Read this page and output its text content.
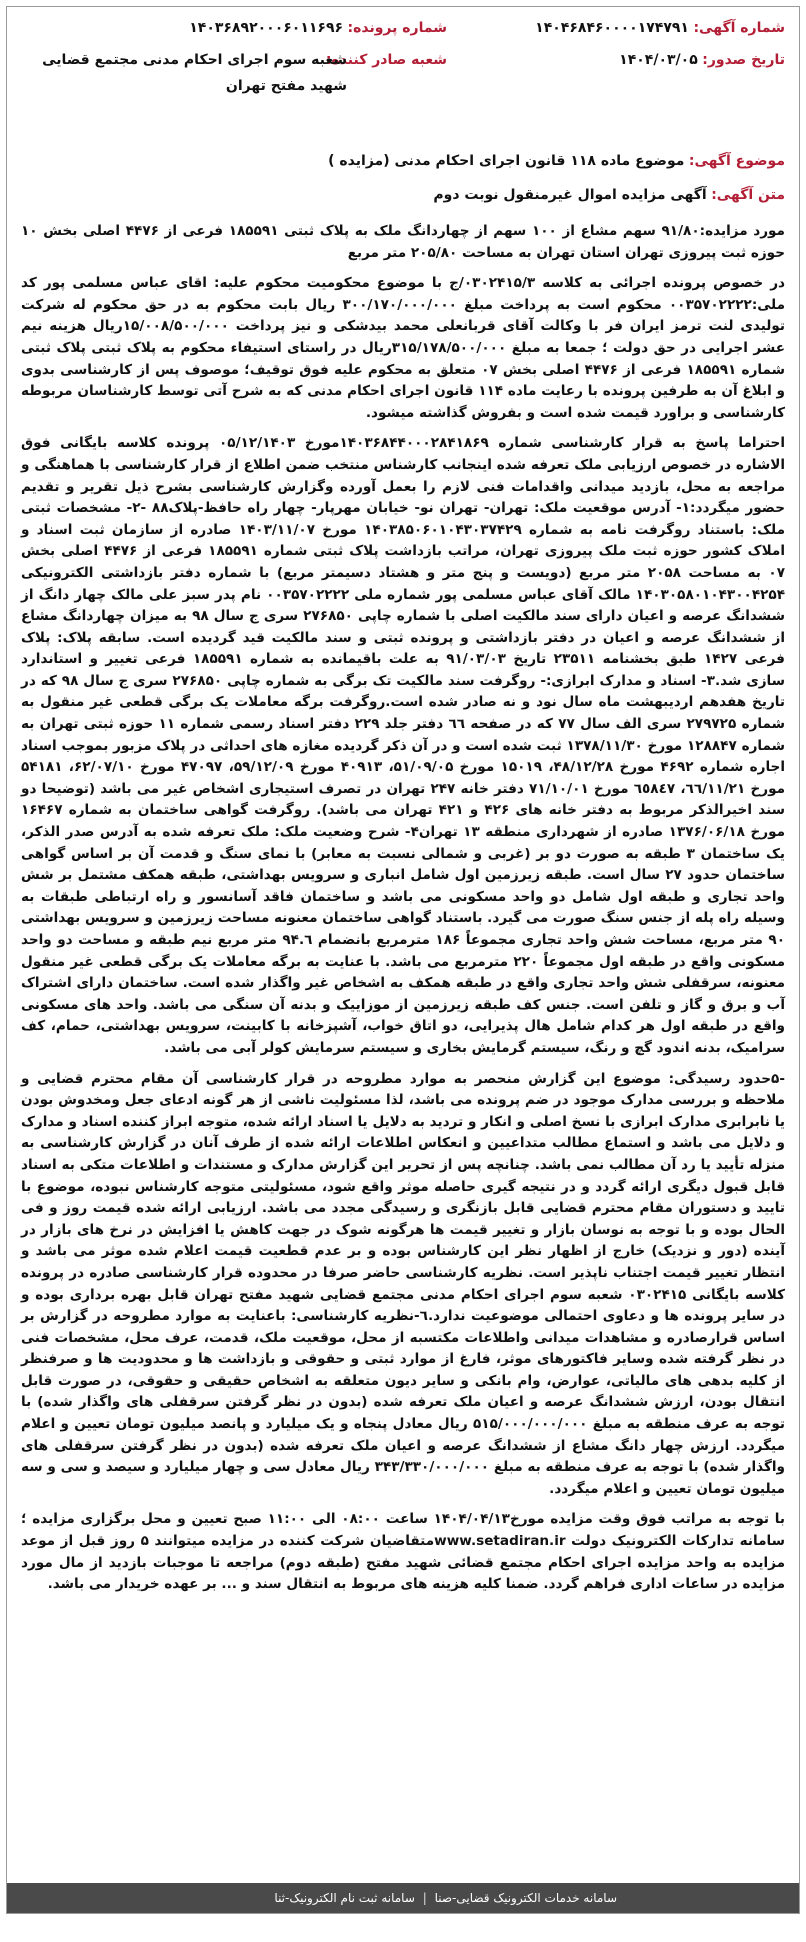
شماره آگهی: ۱۴۰۴۶۸۴۶۰۰۰۰۱۷۴۷۹۱
شماره پرونده: ۱۴۰۳۶۸۹۲۰۰۰۶۰۱۱۶۹۶
تاریخ صدور: ۱۴۰۴/۰۳/۰۵
شعبه صادر کننده:
شعبه سوم اجرای احکام مدنی مجتمع قضایی شهید مفتح تهران
موضوع آگهی: موضوع ماده ۱۱۸ قانون اجرای احکام مدنی (مزایده )
متن آگهی: آگهی مزایده اموال غیرمنقول نوبت دوم

مورد مزایده:۹۱/۸۰ سهم مشاع از ۱۰۰ سهم از چهاردانگ ملک به پلاک ثبتی ۱۸۵۵۹۱ فرعی از ۴۴۷۶ اصلی بخش ۱۰ حوزه ثبت پیروزی تهران استان تهران به مساحت ۲۰۵/۸۰ متر مربع

در خصوص پرونده اجرائی به کلاسه ۰۳۰۲۴۱۵/۳/ج با موضوع محکومیت محکوم علیه: اقای عباس مسلمی پور کد ملی:۰۰۳۵۷۰۲۲۲۲ محکوم است به پرداخت مبلغ ۳۰۰/۱۷۰/۰۰۰/۰۰۰ ریال بابت محکوم به در حق محکوم له شرکت تولیدی لنت ترمز ایران فر با وکالت آقای قربانعلی محمد بیدشکی و نیز پرداخت ۱۵/۰۰۸/۵۰۰/۰۰۰ریال هزینه نیم عشر اجرایی در حق دولت ؛ جمعا به مبلغ ۳۱۵/۱۷۸/۵۰۰/۰۰۰ریال در راستای استیفاء محکوم به پلاک ثبتی پلاک ثبتی شماره ۱۸۵۵۹۱ فرعی از ۴۴۷۶ اصلی بخش ۰۷ متعلق به محکوم علیه فوق توقیف؛ موصوف پس از کارشناسی بدوی و ابلاغ آن به طرفین پرونده با رعایت ماده ۱۱۴ قانون اجرای احکام مدنی که به شرح آتی توسط کارشناسان مربوطه کارشناسی و براورد قیمت شده است و بفروش گذاشته میشود.

احتراما پاسخ به قرار کارشناسی شماره ۱۴۰۳۶۸۴۴۰۰۰۲۸۴۱۸۶۹مورخ ۰۵/۱۲/۱۴۰۳ پرونده کلاسه بایگانی فوق الاشاره در خصوص ارزیابی ملک تعرفه شده اینجانب کارشناس منتخب ضمن اطلاع از قرار کارشناسی با هماهنگی و مراجعه به محل، بازدید میدانی واقدامات فنی لازم را بعمل آورده وگزارش کارشناسی بشرح ذیل تقریر و تقدیم حضور میگردد:۱- آدرس موقعیت ملک: تهران- تهران نو- خیابان مهرپار- چهار راه حافظ-پلاک۸۸ -۲- مشخصات ثبتی ملک: باستناد روگرفت نامه به شماره ۱۴۰۳۸۵۰۶۰۱۰۴۳۰۳۷۴۲۹ مورخ ۱۴۰۳/۱۱/۰۷ صادره از سازمان ثبت اسناد و املاک کشور حوزه ثبت ملک پیروزی تهران، مراتب بازداشت پلاک ثبتی شماره ۱۸۵۵۹۱ فرعی از ۴۴۷۶ اصلی بخش ۰۷ به مساحت ۲۰۵۸ متر مربع (دویست و پنج متر و هشتاد دسیمتر مربع) با شماره دفتر بازداشتی الکترونیکی ۱۴۰۳۰۵۸۰۱۰۴۳۰۰۴۲۵۴ مالک آقای عباس مسلمی پور شماره ملی ۰۰۳۵۷۰۲۲۲۲ نام پدر سبز علی مالک چهار دانگ از ششدانگ عرصه و اعیان دارای سند مالکیت اصلی با شماره چاپی ۲۷۶۸۵۰ سری ج سال ۹۸ به میزان چهاردانگ مشاع از ششدانگ عرصه و اعیان در دفتر بازداشتی و پرونده ثبتی و سند مالکیت قید گردیده است. سابقه پلاک: پلاک فرعی ۱۴۲۷ طبق بخشنامه ۲۳۵۱۱ تاریخ ۹۱/۰۳/۰۳ به علت باقیمانده به شماره ۱۸۵۵۹۱ فرعی تغییر و استاندارد سازی شد.۳- اسناد و مدارک ابرازی:- روگرفت سند مالکیت تک برگی به شماره چاپی ۲۷۶۸۵۰ سری ج سال ۹۸ که در تاریخ هفدهم اردیبهشت ماه سال نود و نه صادر شده است.روگرفت برگه معاملات یک برگی قطعی غیر منقول به شماره ۲۷۹۷۲۵ سری الف سال ۷۷ که در صفحه ٦٦ دفتر جلد ۲۲۹ دفتر اسناد رسمی شماره ۱۱ حوزه ثبتی تهران به شماره ۱۲۸۸۴۷ مورخ ۱۳۷۸/۱۱/۳۰ ثبت شده است و در آن ذکر گردیده مغازه های احداثی در پلاک مزبور بموجب اسناد اجاره شماره ۴۶۹۲ مورخ ۴۸/۱۲/۲۸، ۱۵۰۱۹ مورخ ۵۱/۰۹/۰۵، ۴۰۹۱۳ مورخ ۵۹/۱۲/۰۹، ۴۷۰۹۷ مورخ ۶۲/۰۷/۱۰، ۵۴۱۸۱ مورخ ٦٦/١١/٢١، ٦٥٨٤٧ مورخ ٧١/١٠/٠١ دفتر خانه ۲۴۷ تهران در تصرف استیجاری اشخاص غیر می باشد (توضیحا دو سند اخیرالذکر مربوط به دفتر خانه های ۴۲۶ و ۴۲۱ تهران می باشد). روگرفت گواهی ساختمان به شماره ۱۶۴۶۷ مورخ ۱۳۷۶/۰۶/۱۸ صادره از شهرداری منطقه ۱۳ تهران۴- شرح وضعیت ملک: ملک تعرفه شده به آدرس صدر الذکر، یک ساختمان ۳ طبقه به صورت دو بر (غربی و شمالی نسبت به معابر) با نمای سنگ و قدمت آن بر اساس گواهی ساختمان حدود ۲۷ سال است. طبقه زیرزمین اول شامل انباری و سرویس بهداشتی، طبقه همکف مشتمل بر شش واحد تجاری و طبقه اول شامل دو واحد مسکونی می باشد و ساختمان فاقد آسانسور و راه ارتباطی طبقات به وسیله راه پله از جنس سنگ صورت می گیرد. باستناد گواهی ساختمان معنونه مساحت زیرزمین و سرویس بهداشتی ۹۰ متر مربع، مساحت شش واحد تجاری مجموعاً ۱۸۶ مترمربع بانضمام ۹۴.٦ متر مربع نیم طبقه و مساحت دو واحد مسکونی واقع در طبقه اول مجموعاً ۲۲۰ مترمربع می باشد. با عنایت به برگه معاملات یک برگی قطعی غیر منقول معنونه، سرقفلی شش واحد تجاری واقع در طبقه همکف به اشخاص غیر واگذار شده است. ساختمان دارای اشتراک آب و برق و گاز و تلفن است. جنس کف طبقه زیرزمین از موزاییک و بدنه آن سنگی می باشد. واحد های مسکونی واقع در طبقه اول هر کدام شامل هال پذیرایی، دو اتاق خواب، آشپزخانه با کابینت، سرویس بهداشتی، حمام، کف سرامیک، بدنه اندود گچ و رنگ، سیستم گرمایش بخاری و سیستم سرمایش کولر آبی می باشد.

-۵حدود رسیدگی: موضوع این گزارش منحصر به موارد مطروحه در قرار کارشناسی آن مقام محترم قضایی و ملاحظه و بررسی مدارک موجود در ضم پرونده می باشد، لذا مسئولیت ناشی از هر گونه ادعای جعل ومخدوش بودن یا نابرابری مدارک ابرازی با نسخ اصلی و انکار و تردید به دلایل یا اسناد ارائه شده، متوجه ابراز کننده اسناد و مدارک و دلایل می باشد و استماع مطالب متداعیین و انعکاس اطلاعات ارائه شده از طرف آنان در گزارش کارشناسی به منزله تأیید یا رد آن مطالب نمی باشد. چنانچه پس از تحریر این گزارش مدارک و مستندات و اطلاعات متکی به اسناد قابل قبول دیگری ارائه گردد و در نتیجه گیری حاصله موثر واقع شود، مسئولیتی متوجه کارشناس نبوده، موضوع با تایید و دستوران مقام محترم قضایی قابل بازنگری و رسیدگی مجدد می باشد. ارزیابی ارائه شده قیمت روز و فی الحال بوده و با توجه به نوسان بازار و تغییر قیمت ها هرگونه شوک در جهت کاهش یا افزایش در نرخ های بازار در آینده (دور و نزدیک) خارج از اظهار نظر این کارشناس بوده و بر عدم قطعیت قیمت اعلام شده موثر می باشد و انتظار تغییر قیمت اجتناب ناپذیر است. نظریه کارشناسی حاضر صرفا در محدوده قرار کارشناسی صادره در پرونده کلاسه بایگانی ۰۳۰۲۴۱۵ شعبه سوم اجرای احکام مدنی مجتمع قضایی شهید مفتح تهران قابل بهره برداری بوده و در سایر پرونده ها و دعاوی احتمالی موضوعیت ندارد.٦-نظریه کارشناسی: باعنایت به موارد مطروحه در گزارش بر اساس قرارصادره و مشاهدات میدانی واطلاعات مکتسبه از محل، موقعیت ملک، قدمت، عرف محل، مشخصات فنی در نظر گرفته شده وسایر فاکتورهای موثر، فارغ از موارد ثبتی و حقوقی و بازداشت ها و محدودیت ها و صرفنظر از کلیه بدهی های مالیاتی، عوارض، وام بانکی و سایر دیون متعلقه به اشخاص حقیقی و حقوقی، در صورت قابل انتقال بودن، ارزش ششدانگ عرصه و اعیان ملک تعرفه شده (بدون در نظر گرفتن سرقفلی های واگذار شده) با توجه به عرف منطقه به مبلغ ۵۱۵/۰۰۰/۰۰۰/۰۰۰ ریال معادل پنجاه و یک میلیارد و پانصد میلیون تومان تعیین و اعلام میگردد. ارزش چهار دانگ مشاع از ششدانگ عرصه و اعیان ملک تعرفه شده (بدون در نظر گرفتن سرقفلی های واگذار شده) با توجه به عرف منطقه به مبلغ ۳۴۳/۳۳۰/۰۰۰/۰۰۰ ریال معادل سی و چهار میلیارد و سیصد و سی و سه میلیون تومان تعیین و اعلام میگردد.

با توجه به مراتب فوق وقت مزایده مورخ۱۴۰۴/۰۴/۱۳ ساعت ۰۸:۰۰ الی ۱۱:۰۰ صبح تعیین و محل برگزاری مزایده ؛سامانه تدارکات الکترونیک دولت www.setadiran.irمتقاضیان شرکت کننده در مزایده میتوانند ۵ روز قبل از موعد مزایده به واحد مزایده اجرای احکام مجتمع قضائی شهید مفتح (طبقه دوم) مراجعه تا موجبات بازدید از مال مورد مزایده در ساعات اداری فراهم گردد. ضمنا کلیه هزینه های مربوط به انتقال سند و ... بر عهده خریدار می باشد.

سامانه خدمات الکترونیک قضایی-صنا | سامانه ثبت نام الکترونیک-ثنا
